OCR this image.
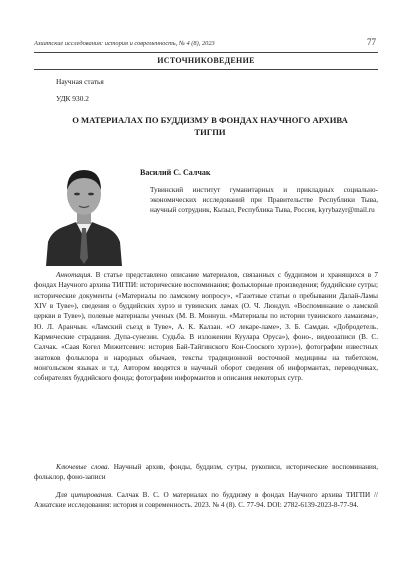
Азиатские исследования: история и современность, № 4 (8), 2023	77
ИСТОЧНИКОВЕДЕНИЕ
Научная статья
УДК 930.2
О МАТЕРИАЛАХ ПО БУДДИЗМУ В ФОНДАХ НАУЧНОГО АРХИВА ТИГПИ
Василий С. Салчак
Тувинский институт гуманитарных и прикладных социально-экономических исследований при Правительстве Республики Тыва, научный сотрудник, Кызыл, Республика Тыва, Россия, kyrybazyr@mail.ru
Аннотация. В статье представлено описание материалов, связанных с буддизмом и хранящихся в 7 фондах Научного архива ТИГПИ: исторические воспоминания; фольклорные произведения; буддийские сутры; исторические документы («Материалы по ламскому вопросу», «Газетные статьи о пребывании Далай-Ламы XIV в Туве»), сведения о буддийских хурээ и тувинских ламах (О. Ч. Люндуп. «Воспоминание о ламской церкви в Туве»), полевые материалы ученых (М. В. Моннуш. «Материалы по истории тувинского ламаизма», Ю. Л. Аранчын. «Ламский съезд в Туве», А. К. Калзан. «О лекаре-ламе», З. Б. Самдан. «Добродетель. Кармические страдания. Дупа-сунезин. Судьба. В изложении Куулара Оруса»), фоно-, видеозаписи (В. С. Салчак. «Саая Когел Мижитсевич: история Бай-Тайгинского Кон-Сооского хурээ»), фотографии известных знатоков фольклора и народных обычаев, тексты традиционной восточной медицины на тибетском, монгольском языках и т.д. Автором вводятся в научный оборот сведения об информантах, переводчиках, собирателях буддийского фонда; фотографии информантов и описания некоторых сутр.
Ключевые слова. Научный архив, фонды, буддизм, сутры, рукописи, исторические воспоминания, фольклор, фоно-записи
Для цитирования. Салчак В. С. О материалах по буддизму в фондах Научного архива ТИГПИ // Азиатские исследования: история и современность. 2023. № 4 (8). С. 77-94. DOI: 2782-6139-2023-8-77-94.
